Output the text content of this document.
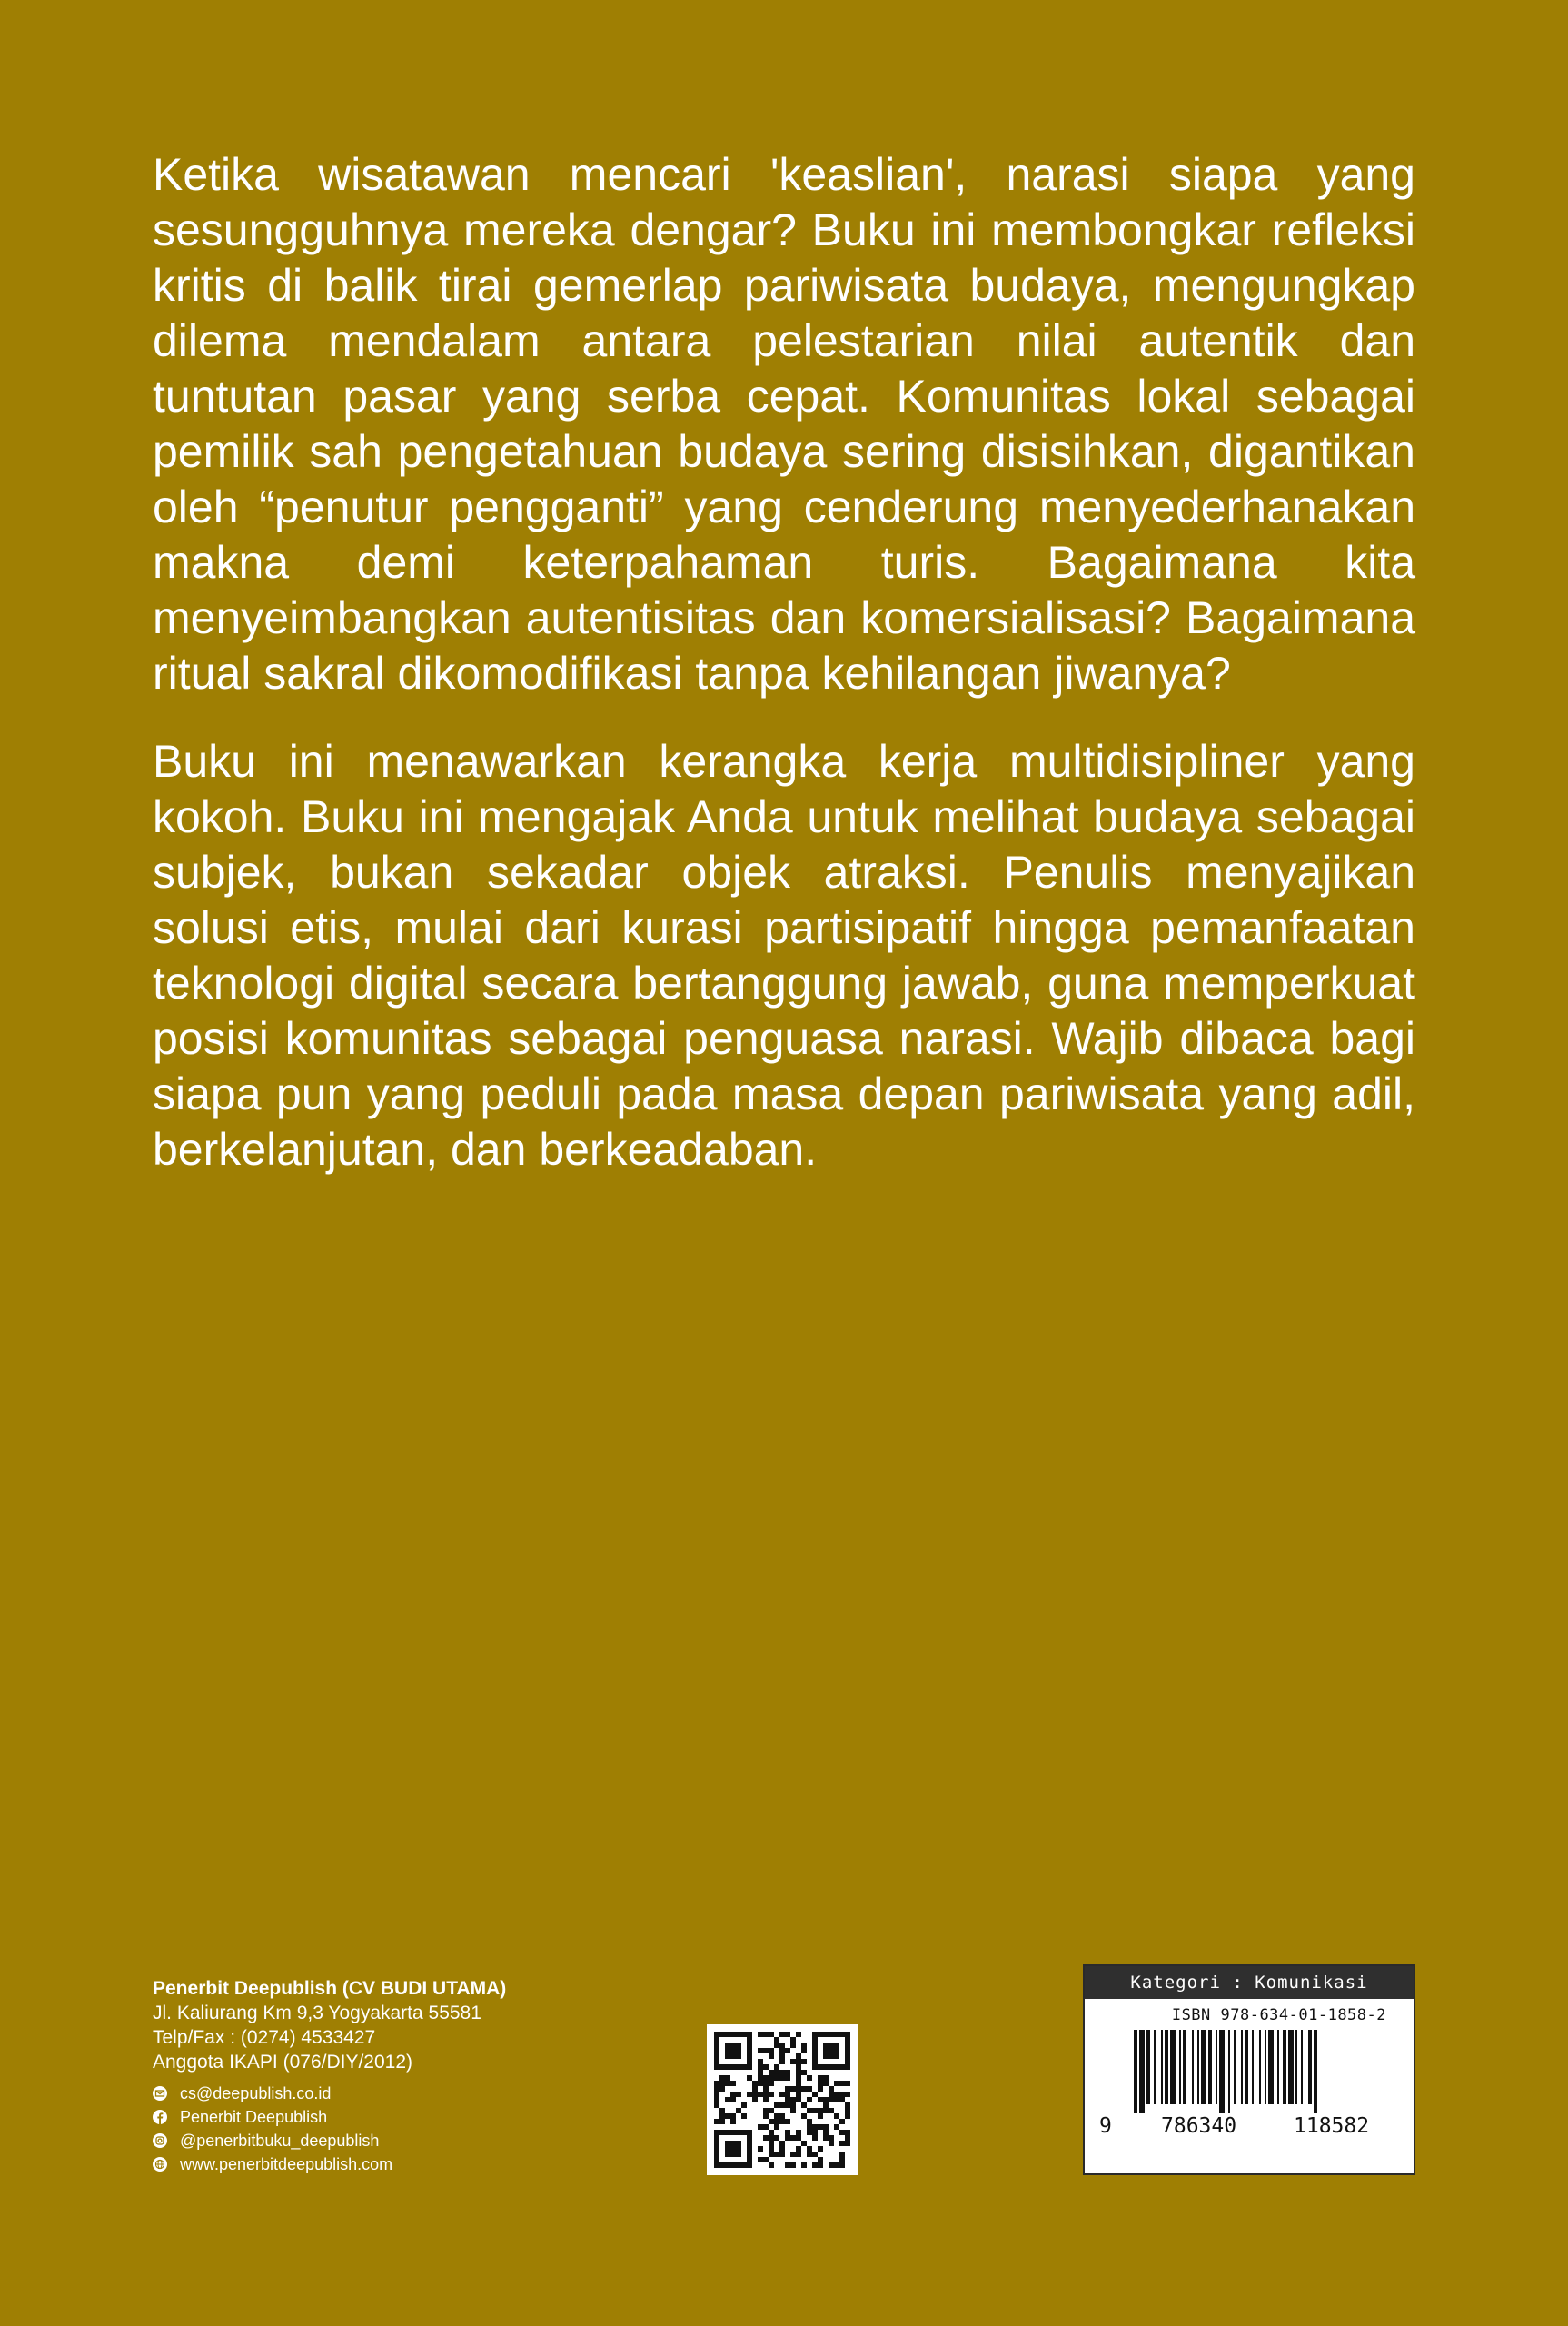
Ketika wisatawan mencari 'keaslian', narasi siapa yang sesungguhnya mereka dengar? Buku ini membongkar refleksi kritis di balik tirai gemerlap pariwisata budaya, mengungkap dilema mendalam antara pelestarian nilai autentik dan tuntutan pasar yang serba cepat. Komunitas lokal sebagai pemilik sah pengetahuan budaya sering disisihkan, digantikan oleh “penutur pengganti” yang cenderung menyederhanakan makna demi keterpahaman turis. Bagaimana kita menyeimbangkan autentisitas dan komersialisasi? Bagaimana ritual sakral dikomodifikasi tanpa kehilangan jiwanya?

Buku ini menawarkan kerangka kerja multidisipliner yang kokoh. Buku ini mengajak Anda untuk melihat budaya sebagai subjek, bukan sekadar objek atraksi. Penulis menyajikan solusi etis, mulai dari kurasi partisipatif hingga pemanfaatan teknologi digital secara bertanggung jawab, guna memperkuat posisi komunitas sebagai penguasa narasi. Wajib dibaca bagi siapa pun yang peduli pada masa depan pariwisata yang adil, berkelanjutan, dan berkeadaban.

Penerbit Deepublish (CV BUDI UTAMA)
Jl. Kaliurang Km 9,3 Yogyakarta 55581
Telp/Fax : (0274) 4533427
Anggota IKAPI (076/DIY/2012)
cs@deepublish.co.id
Penerbit Deepublish
@penerbitbuku_deepublish
www.penerbitdeepublish.com
Kategori : Komunikasi
ISBN 978-634-01-1858-2
9 786340	118582
